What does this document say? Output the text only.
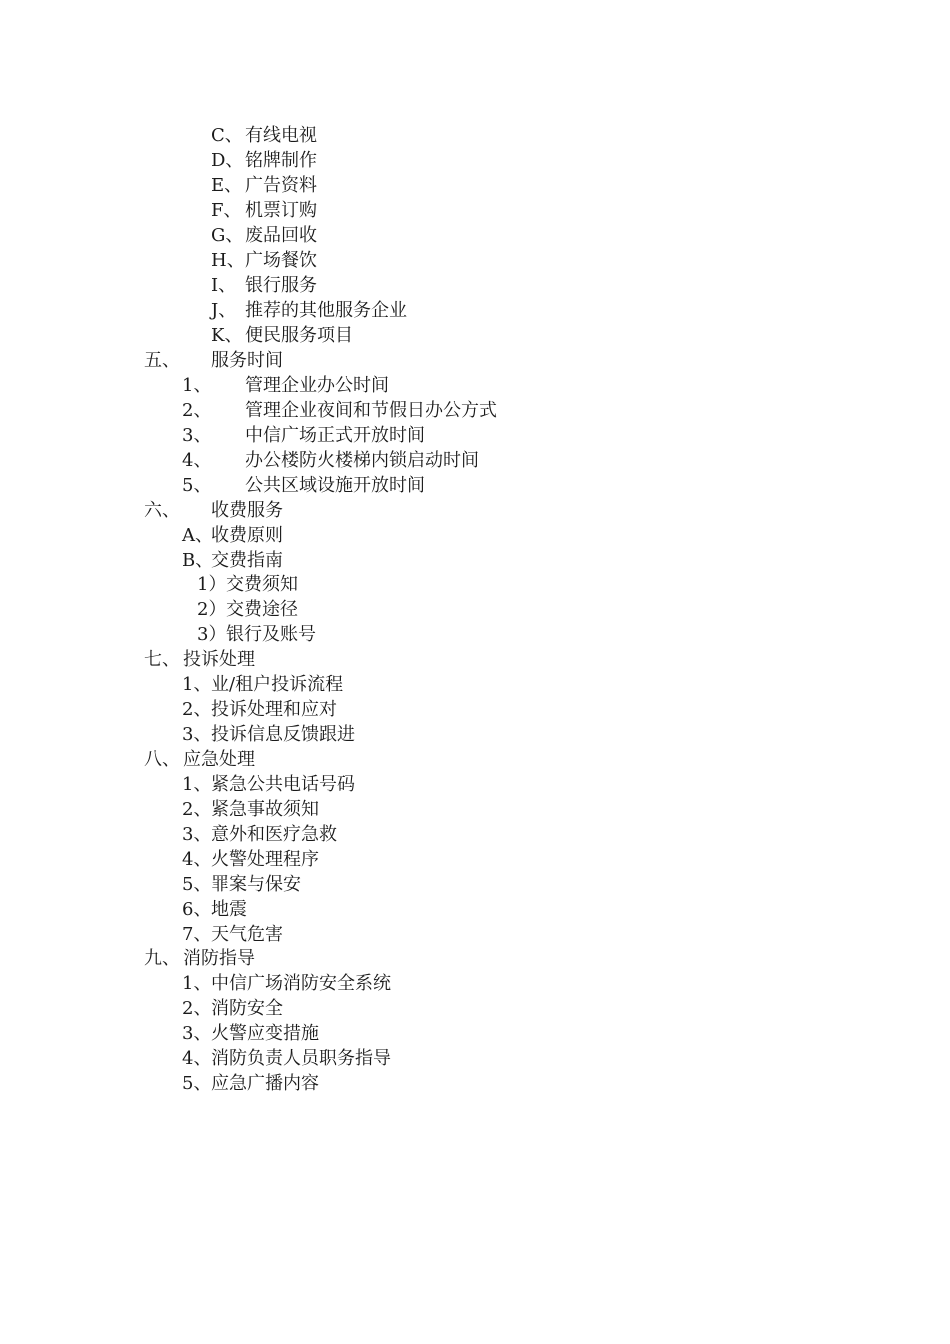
C、 有线电视
D、铭牌制作
E、 广告资料
F、 机票订购
G、废品回收
H、广场餐饮
I、 银行服务
J、 推荐的其他服务企业
K、 便民服务项目
五、 服务时间
1、 管理企业办公时间
2、 管理企业夜间和节假日办公方式
3、 中信广场正式开放时间
4、 办公楼防火楼梯内锁启动时间
5、 公共区域设施开放时间
六、 收费服务
A、收费原则
B、交费指南
1）交费须知
2）交费途径
3）银行及账号
七、 投诉处理
1、业/租户投诉流程
2、投诉处理和应对
3、投诉信息反馈跟进
八、 应急处理
1、紧急公共电话号码
2、紧急事故须知
3、意外和医疗急救
4、火警处理程序
5、罪案与保安
6、地震
7、天气危害
九、 消防指导
1、中信广场消防安全系统
2、消防安全
3、火警应变措施
4、消防负责人员职务指导
5、应急广播内容
